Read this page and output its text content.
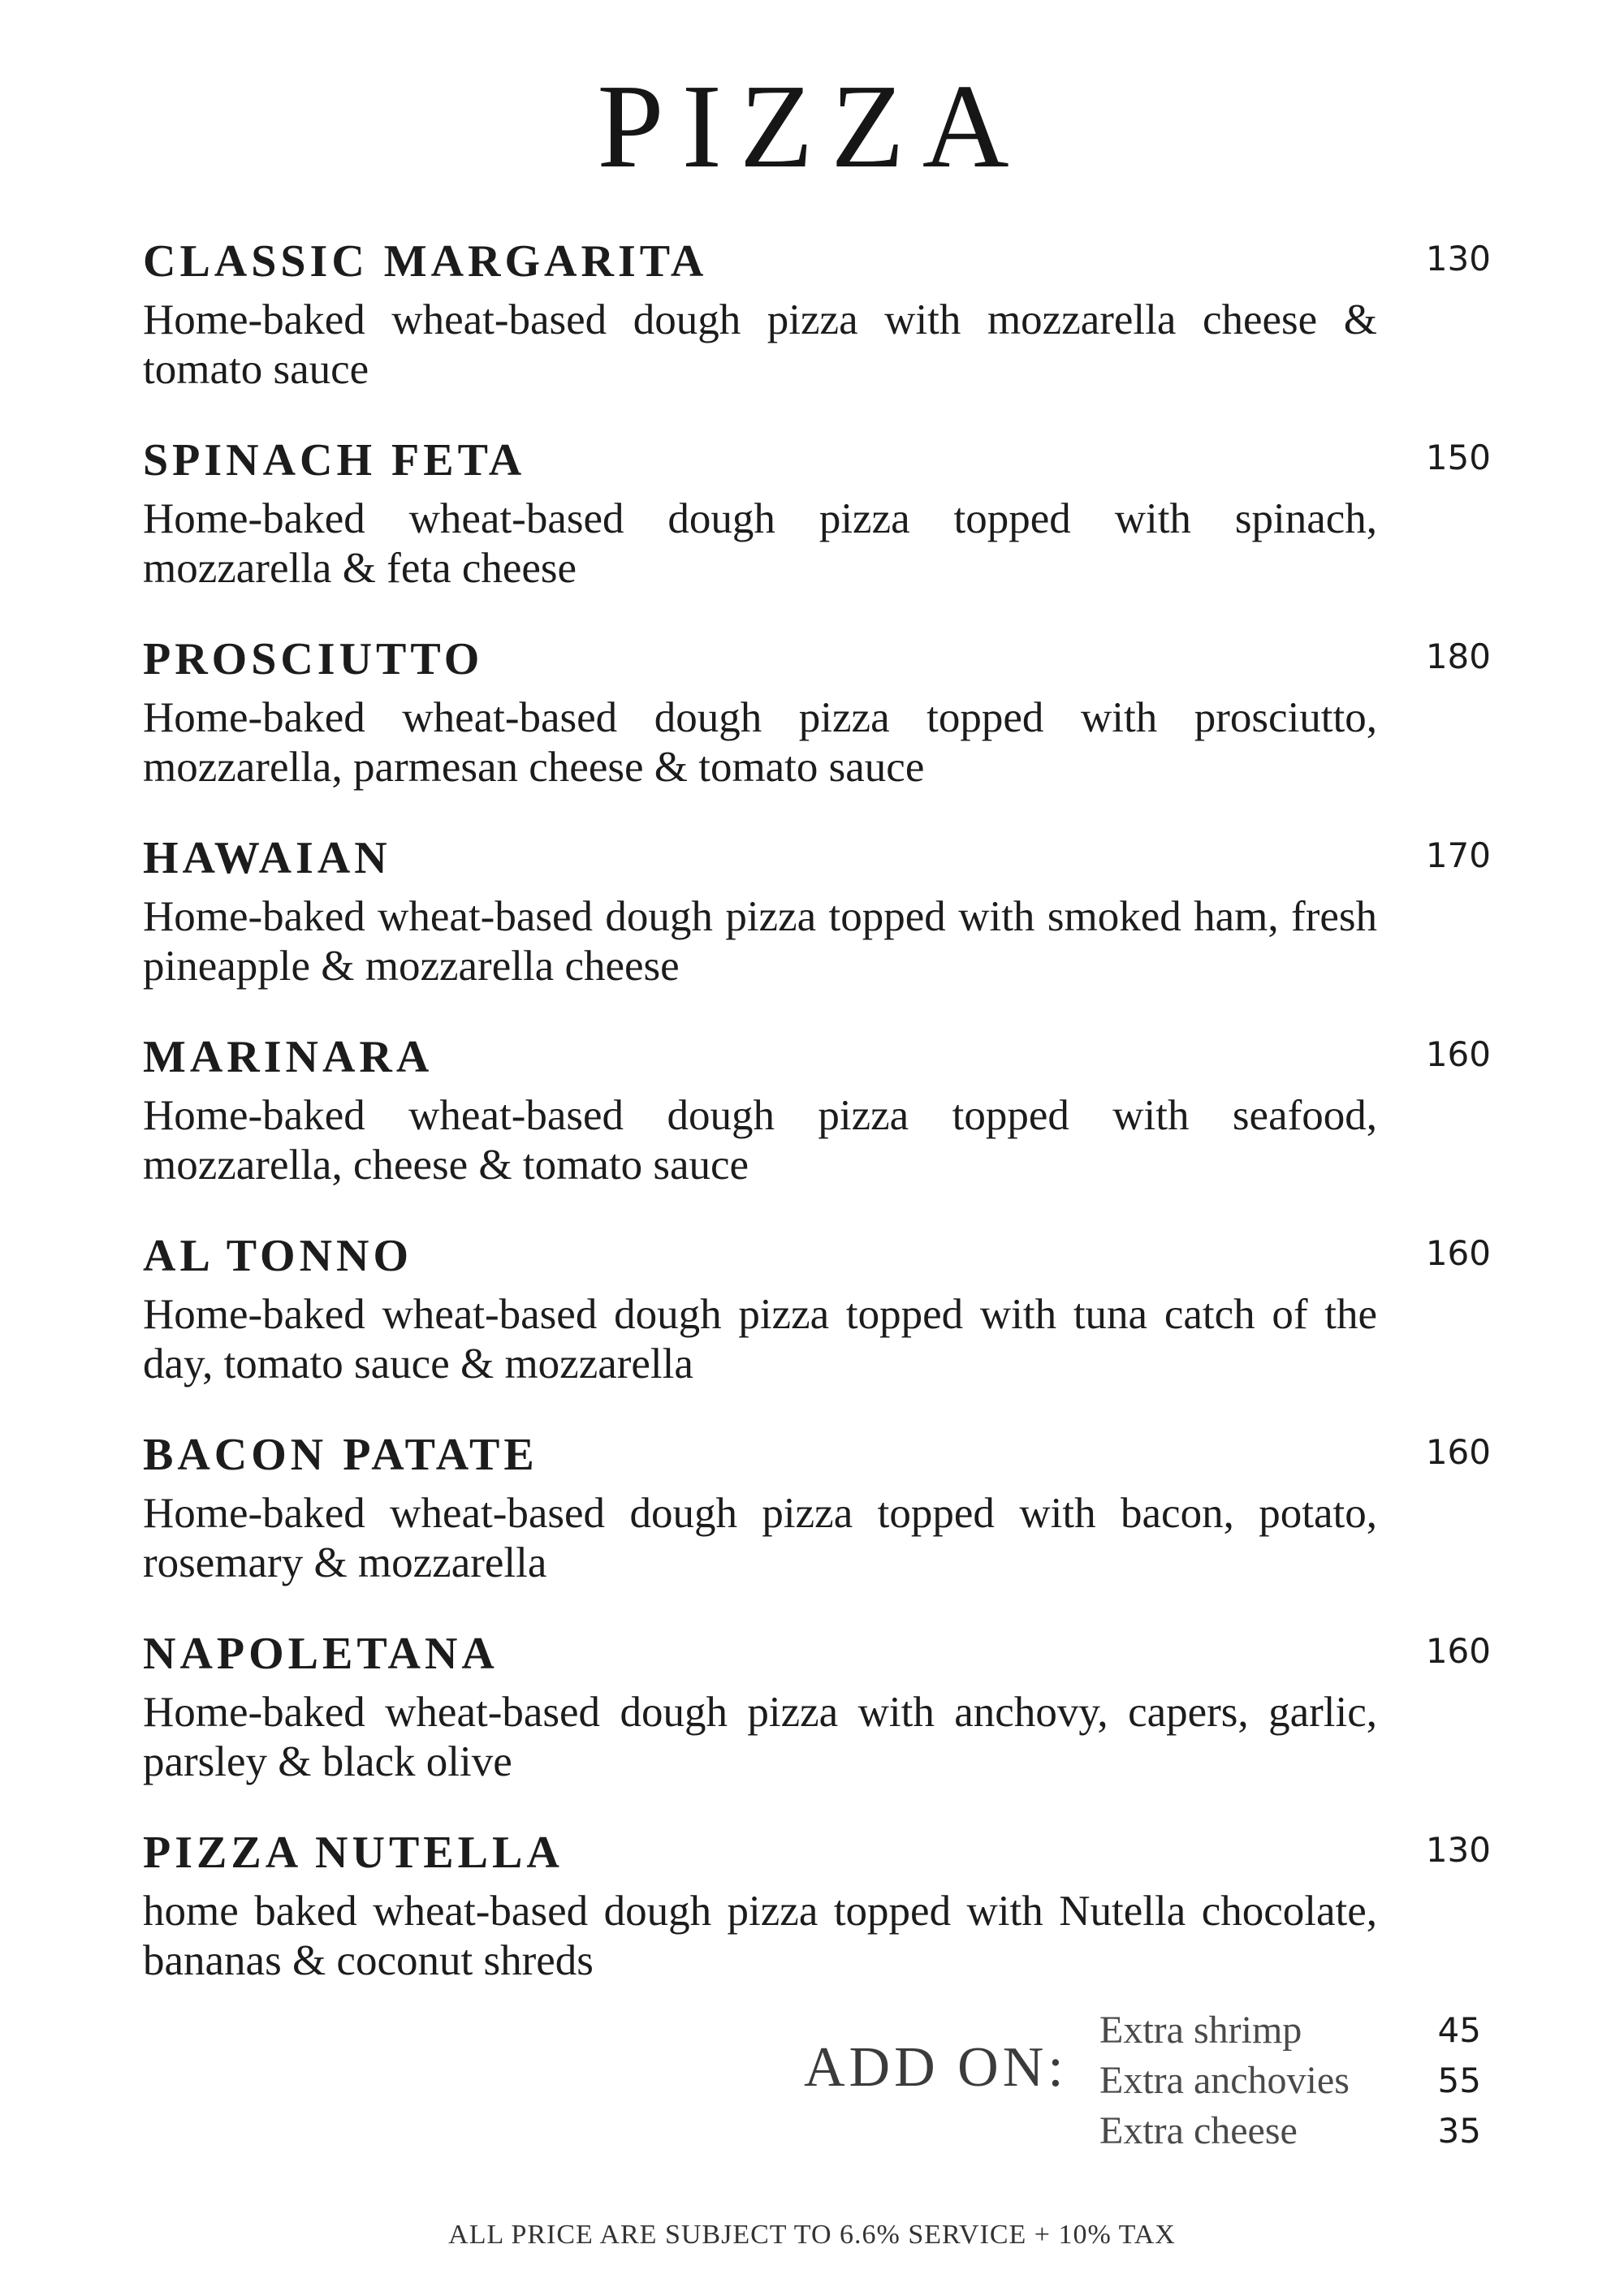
PIZZA
CLASSIC MARGARITA	130
Home-baked wheat-based dough pizza with mozzarella cheese & tomato sauce
SPINACH FETA	150
Home-baked wheat-based dough pizza topped with spinach, mozzarella & feta cheese
PROSCIUTTO	180
Home-baked wheat-based dough pizza topped with prosciutto, mozzarella, parmesan cheese & tomato sauce
HAWAIAN	170
Home-baked wheat-based dough pizza topped with smoked ham, fresh pineapple & mozzarella cheese
MARINARA	160
Home-baked wheat-based dough pizza topped with seafood, mozzarella, cheese & tomato sauce
AL TONNO	160
Home-baked wheat-based dough pizza topped with tuna catch of the day, tomato sauce & mozzarella
BACON PATATE	160
Home-baked wheat-based dough pizza topped with bacon, potato, rosemary & mozzarella
NAPOLETANA	160
Home-baked wheat-based dough pizza with anchovy, capers, garlic, parsley & black olive
PIZZA NUTELLA	130
home baked wheat-based dough pizza topped with Nutella chocolate, bananas & coconut shreds
ADD ON:
Extra shrimp	45
Extra anchovies	55
Extra cheese	35
ALL PRICE ARE SUBJECT TO 6.6% SERVICE + 10% TAX
